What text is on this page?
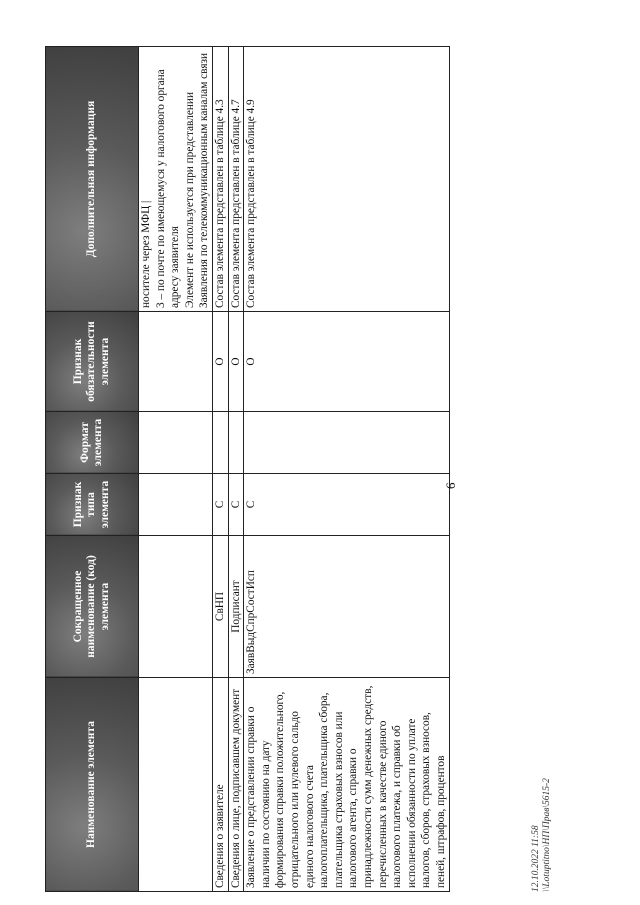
Наименование элемента	Сокращенное наименование (код) элемента	Признак типа элемента	Формат элемента	Признак обязательности элемента	Дополнительная информация
					носителе через МФЦ |
3 – по почте по имеющемуся у налогового органа адресу заявителя
Элемент не используется при представлении Заявления по телекоммуникационным каналам связи
Сведения о заявителе	СвНП	С		О	Состав элемента представлен в таблице 4.3
Сведения о лице, подписавшем документ	Подписант	С		О	Состав элемента представлен в таблице 4.7
Заявление о представлении справки о наличии по состоянию на дату формирования справки положительного, отрицательного или нулевого сальдо единого налогового счета налогоплательщика, плательщика сбора, плательщика страховых взносов или налогового агента, справки о принадлежности сумм денежных средств, перечисленных в качестве единого налогового платежа, и справки об исполнении обязанности по уплате налогов, сборов, страховых взносов, пеней, штрафов, процентов	ЗаявВыдСпрСостИсп	С		О	Состав элемента представлен в таблице 4.9
6
12.10.2022 11:58 \\Lotuptitno\НП\Прав\5615-2
